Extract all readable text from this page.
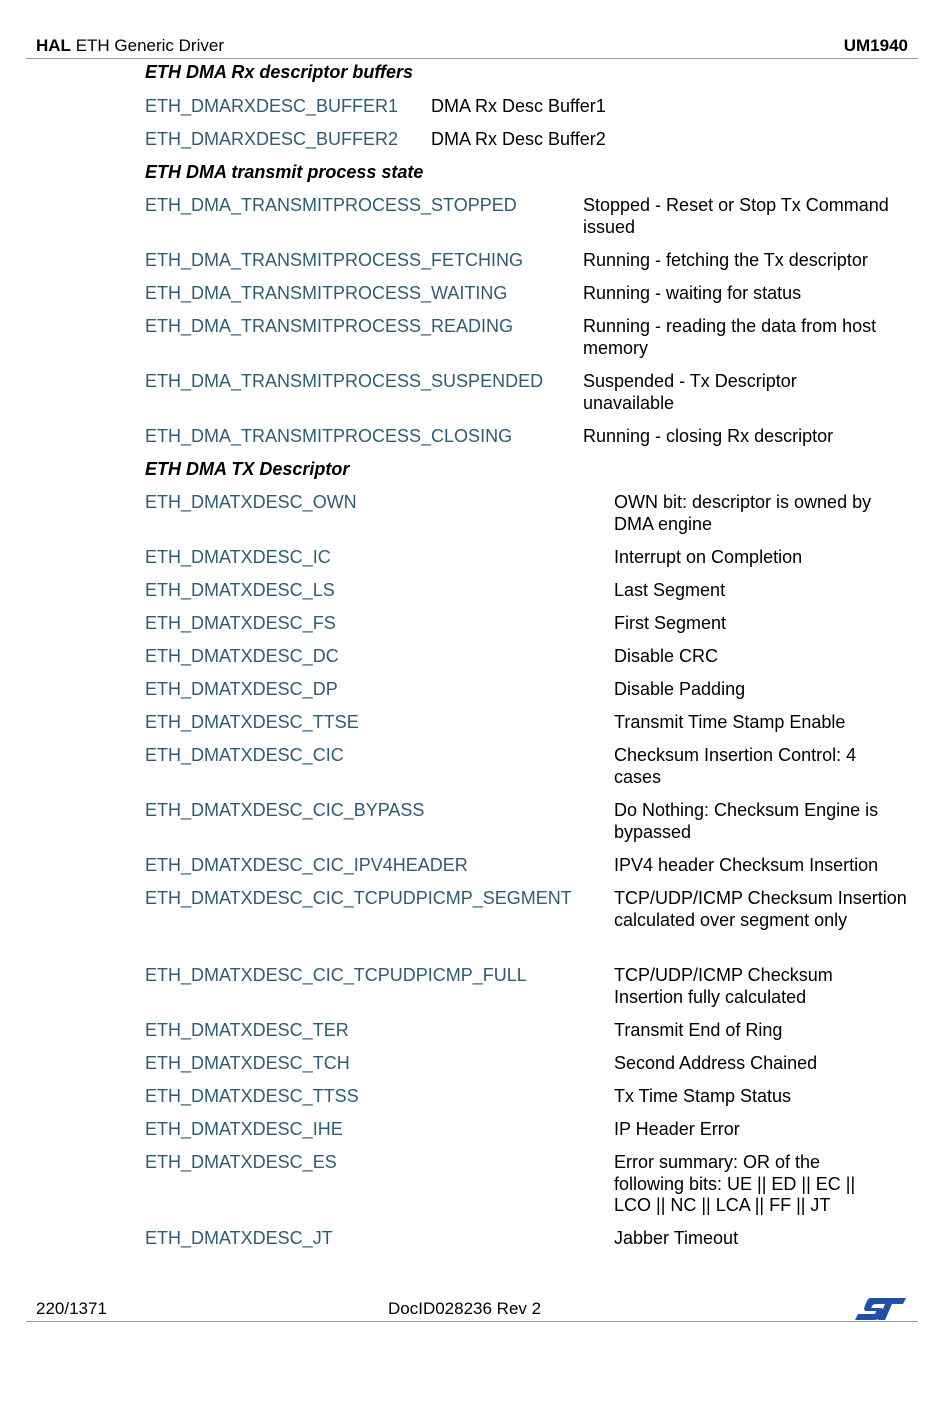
HAL ETH Generic Driver	UM1940
ETH DMA Rx descriptor buffers
ETH_DMARXDESC_BUFFER1 DMA Rx Desc Buffer1
ETH_DMARXDESC_BUFFER2 DMA Rx Desc Buffer2
ETH DMA transmit process state
ETH_DMA_TRANSMITPROCESS_STOPPED	Stopped - Reset or Stop Tx Command issued
ETH_DMA_TRANSMITPROCESS_FETCHING	Running - fetching the Tx descriptor
ETH_DMA_TRANSMITPROCESS_WAITING	Running - waiting for status
ETH_DMA_TRANSMITPROCESS_READING	Running - reading the data from host memory
ETH_DMA_TRANSMITPROCESS_SUSPENDED Suspended - Tx Descriptor unavailable
ETH_DMA_TRANSMITPROCESS_CLOSING	Running - closing Rx descriptor
ETH DMA TX Descriptor
ETH_DMATXDESC_OWN	OWN bit: descriptor is owned by DMA engine
ETH_DMATXDESC_IC	Interrupt on Completion
ETH_DMATXDESC_LS	Last Segment
ETH_DMATXDESC_FS	First Segment
ETH_DMATXDESC_DC	Disable CRC
ETH_DMATXDESC_DP	Disable Padding
ETH_DMATXDESC_TTSE	Transmit Time Stamp Enable
ETH_DMATXDESC_CIC	Checksum Insertion Control: 4 cases
ETH_DMATXDESC_CIC_BYPASS	Do Nothing: Checksum Engine is bypassed
ETH_DMATXDESC_CIC_IPV4HEADER	IPV4 header Checksum Insertion
ETH_DMATXDESC_CIC_TCPUDPICMP_SEGMENT TCP/UDP/ICMP Checksum Insertion calculated over segment only
ETH_DMATXDESC_CIC_TCPUDPICMP_FULL	TCP/UDP/ICMP Checksum Insertion fully calculated
ETH_DMATXDESC_TER	Transmit End of Ring
ETH_DMATXDESC_TCH	Second Address Chained
ETH_DMATXDESC_TTSS	Tx Time Stamp Status
ETH_DMATXDESC_IHE	IP Header Error
ETH_DMATXDESC_ES	Error summary: OR of the following bits: UE || ED || EC || LCO || NC || LCA || FF || JT
ETH_DMATXDESC_JT	Jabber Timeout
220/1371	DocID028236 Rev 2
